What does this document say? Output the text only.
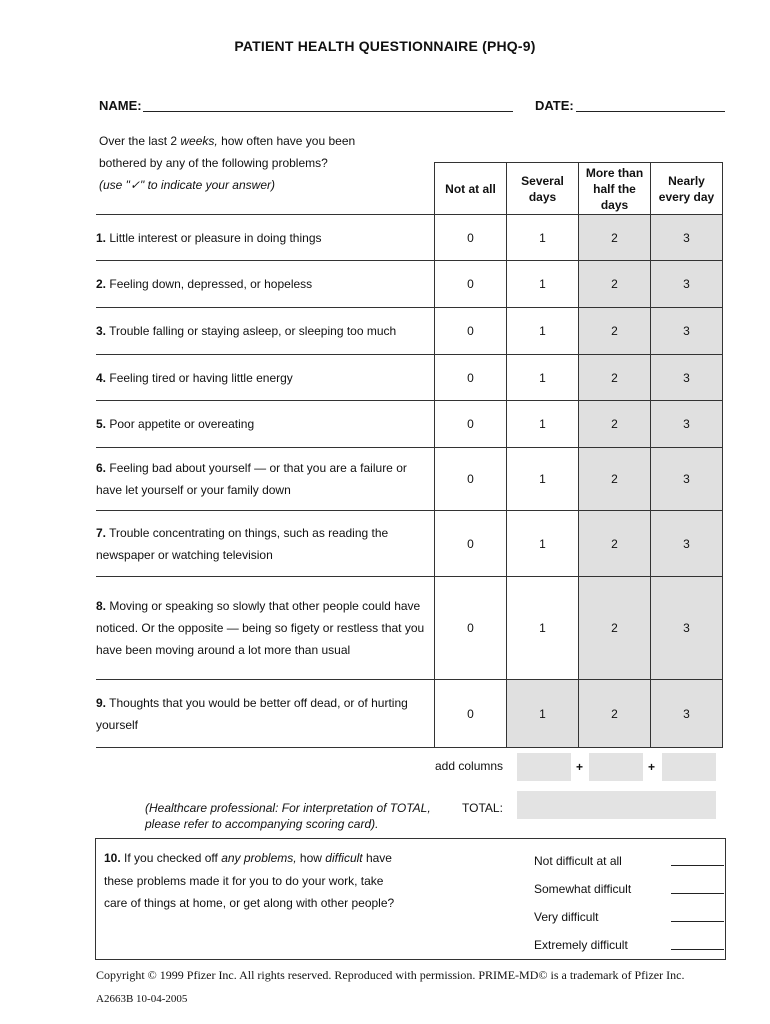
PATIENT HEALTH QUESTIONNAIRE (PHQ-9)
NAME:	DATE:
Over the last 2 weeks, how often have you been
bothered by any of the following problems?
(use "✓" to indicate your answer)
		Not at all	Several days	More than half the days	Nearly every day
1. Little interest or pleasure in doing things	0	1	2	3
2. Feeling down, depressed, or hopeless	0	1	2	3
3. Trouble falling or staying asleep, or sleeping too much	0	1	2	3
4. Feeling tired or having little energy	0	1	2	3
5. Poor appetite or overeating	0	1	2	3
6. Feeling bad about yourself — or that you are a failure or have let yourself or your family down	0	1	2	3
7. Trouble concentrating on things, such as reading the newspaper or watching television	0	1	2	3
8. Moving or speaking so slowly that other people could have noticed. Or the opposite — being so figety or restless that you have been moving around a lot more than usual	0	1	2	3
9. Thoughts that you would be better off dead, or of hurting yourself	0	1	2	3
add columns	+	+
(Healthcare professional: For interpretation of TOTAL, please refer to accompanying scoring card).
TOTAL:
10. If you checked off any problems, how difficult have these problems made it for you to do your work, take care of things at home, or get along with other people?
Not difficult at all
Somewhat difficult
Very difficult
Extremely difficult
Copyright © 1999 Pfizer Inc. All rights reserved. Reproduced with permission. PRIME-MD© is a trademark of Pfizer Inc.
A2663B 10-04-2005
